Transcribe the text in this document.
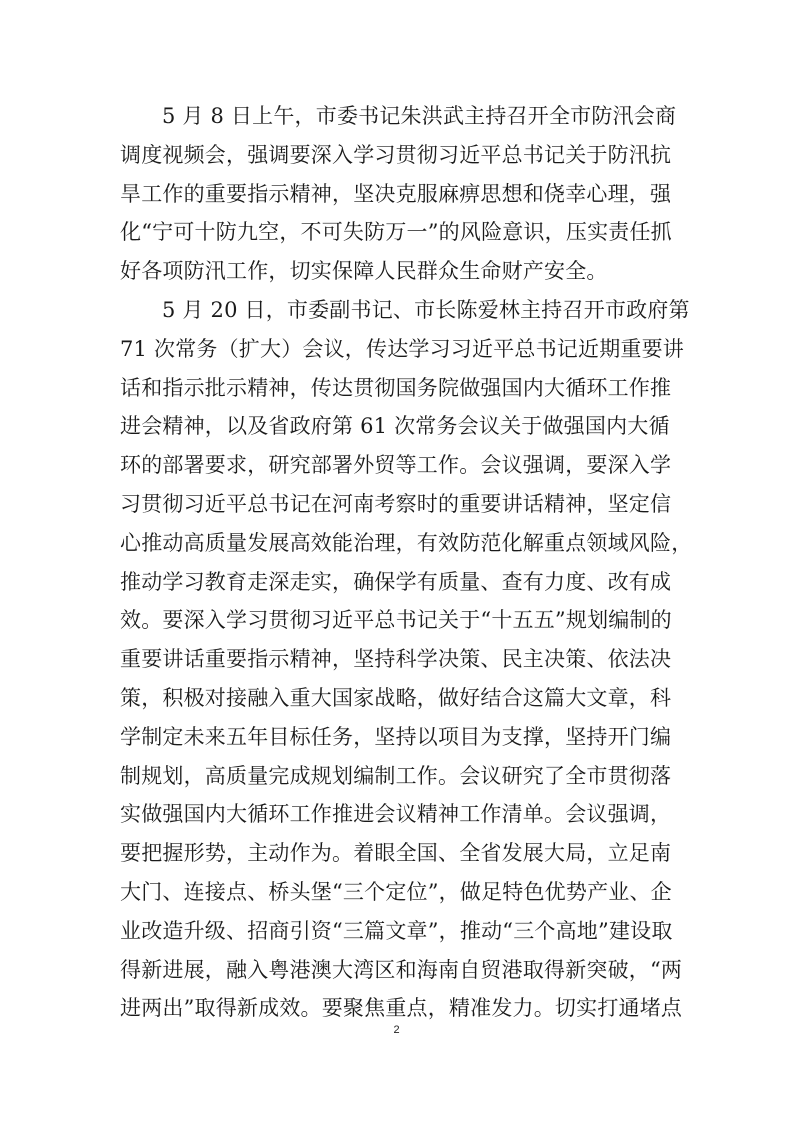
5 月 8 日上午，市委书记朱洪武主持召开全市防汛会商
调度视频会，强调要深入学习贯彻习近平总书记关于防汛抗
旱工作的重要指示精神，坚决克服麻痹思想和侥幸心理，强
化“宁可十防九空，不可失防万一”的风险意识，压实责任抓
好各项防汛工作，切实保障人民群众生命财产安全。
5 月 20 日，市委副书记、市长陈爱林主持召开市政府第
71 次常务（扩大）会议，传达学习习近平总书记近期重要讲
话和指示批示精神，传达贯彻国务院做强国内大循环工作推
进会精神，以及省政府第 61 次常务会议关于做强国内大循
环的部署要求，研究部署外贸等工作。会议强调，要深入学
习贯彻习近平总书记在河南考察时的重要讲话精神，坚定信
心推动高质量发展高效能治理，有效防范化解重点领域风险，
推动学习教育走深走实，确保学有质量、查有力度、改有成
效。要深入学习贯彻习近平总书记关于“十五五”规划编制的
重要讲话重要指示精神，坚持科学决策、民主决策、依法决
策，积极对接融入重大国家战略，做好结合这篇大文章，科
学制定未来五年目标任务，坚持以项目为支撑，坚持开门编
制规划，高质量完成规划编制工作。会议研究了全市贯彻落
实做强国内大循环工作推进会议精神工作清单。会议强调，
要把握形势，主动作为。着眼全国、全省发展大局，立足南
大门、连接点、桥头堡“三个定位”，做足特色优势产业、企
业改造升级、招商引资“三篇文章”，推动“三个高地”建设取
得新进展，融入粤港澳大湾区和海南自贸港取得新突破，“两
进两出”取得新成效。要聚焦重点，精准发力。切实打通堵点
2
